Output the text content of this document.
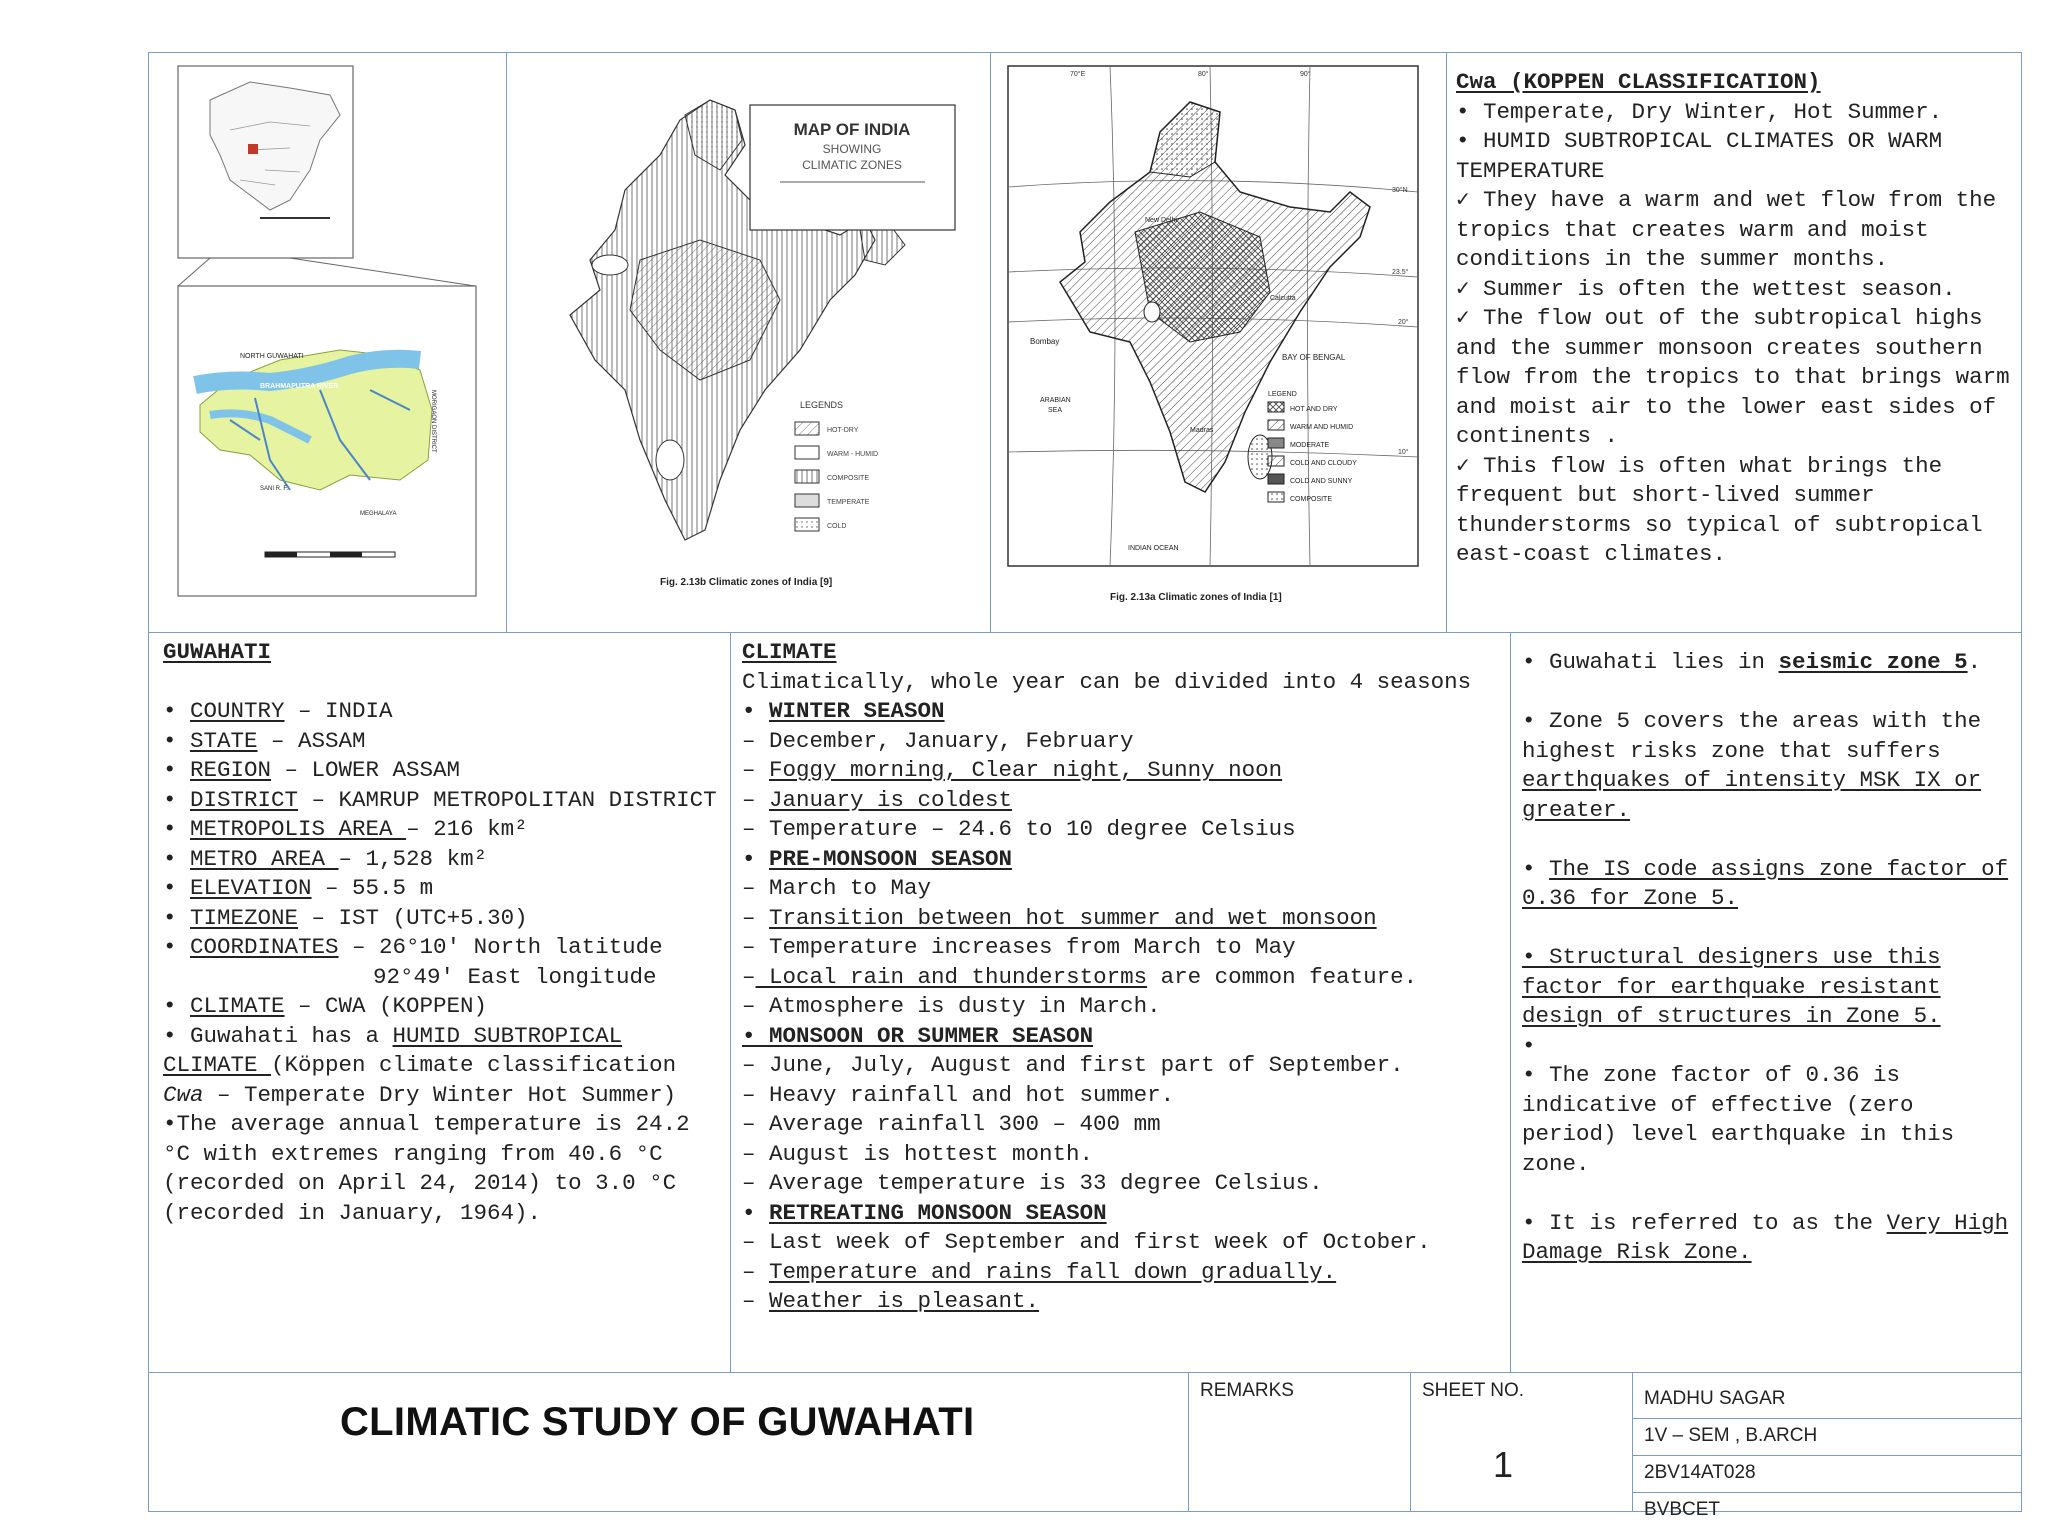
NORTH GUWAHATI
BRAHMAPUTRA RIVER
MORIGAON DISTRICT
MEGHALAYA
SANI R. F.
MAP OF INDIA
SHOWING
CLIMATIC ZONES
LEGENDS
HOT-DRY
WARM - HUMID
COMPOSITE
TEMPERATE
COLD
Fig. 2.13b Climatic zones of India [9]
70°E	80°	90°
30°N
23.5°
20°
10°
New Delhi
Calcutta
Bombay
ARABIAN
SEA
BAY OF BENGAL
Madras
INDIAN OCEAN
LEGEND
HOT AND DRY
WARM AND HUMID
MODERATE
COLD AND CLOUDY
COLD AND SUNNY
COMPOSITE
Fig. 2.13a Climatic zones of India [1]

Cwa (KOPPEN CLASSIFICATION)

• Temperate, Dry Winter, Hot Summer.

• HUMID SUBTROPICAL CLIMATES OR WARM TEMPERATURE

✓ They have a warm and wet flow from the tropics that creates warm and moist conditions in the summer months.

✓ Summer is often the wettest season.

✓ The flow out of the subtropical highs and the summer monsoon creates southern flow from the tropics to that brings warm and moist air to the lower east sides of continents .

✓ This flow is often what brings the frequent but short-lived summer thunderstorms so typical of subtropical east-coast climates.

GUWAHATI

• COUNTRY – INDIA

• STATE – ASSAM

• REGION – LOWER ASSAM

• DISTRICT – KAMRUP METROPOLITAN DISTRICT

• METROPOLIS AREA – 216 km²

• METRO AREA – 1,528 km²

• ELEVATION – 55.5 m

• TIMEZONE – IST (UTC+5.30)

• COORDINATES – 26°10′ North latitude

92°49′ East longitude

• CLIMATE – CWA (KOPPEN)

• Guwahati has a HUMID SUBTROPICAL CLIMATE (Köppen climate classification Cwa – Temperate Dry Winter Hot Summer)

•The average annual temperature is 24.2 °C with extremes ranging from 40.6 °C (recorded on April 24, 2014) to 3.0 °C (recorded in January, 1964).

CLIMATE

Climatically, whole year can be divided into 4 seasons

• WINTER SEASON

– December, January, February

– Foggy morning, Clear night, Sunny noon

– January is coldest

– Temperature – 24.6 to 10 degree Celsius

• PRE-MONSOON SEASON

– March to May

– Transition between hot summer and wet monsoon

– Temperature increases from March to May

– Local rain and thunderstorms are common feature.

– Atmosphere is dusty in March.

• MONSOON OR SUMMER SEASON

– June, July, August and first part of September.

– Heavy rainfall and hot summer.

– Average rainfall 300 – 400 mm

– August is hottest month.

– Average temperature is 33 degree Celsius.

• RETREATING MONSOON SEASON

– Last week of September and first week of October.

– Temperature and rains fall down gradually.

– Weather is pleasant.

• Guwahati lies in seismic zone 5.

• Zone 5 covers the areas with the highest risks zone that suffers earthquakes of intensity MSK IX or greater.

• The IS code assigns zone factor of 0.36 for Zone 5.

• Structural designers use this factor for earthquake resistant design of structures in Zone 5.

•

• The zone factor of 0.36 is indicative of effective (zero period) level earthquake in this zone.

• It is referred to as the Very High Damage Risk Zone.

CLIMATIC STUDY OF GUWAHATI
REMARKS	SHEET NO.
1
MADHU SAGAR
1V – SEM , B.ARCH
2BV14AT028
BVBCET
